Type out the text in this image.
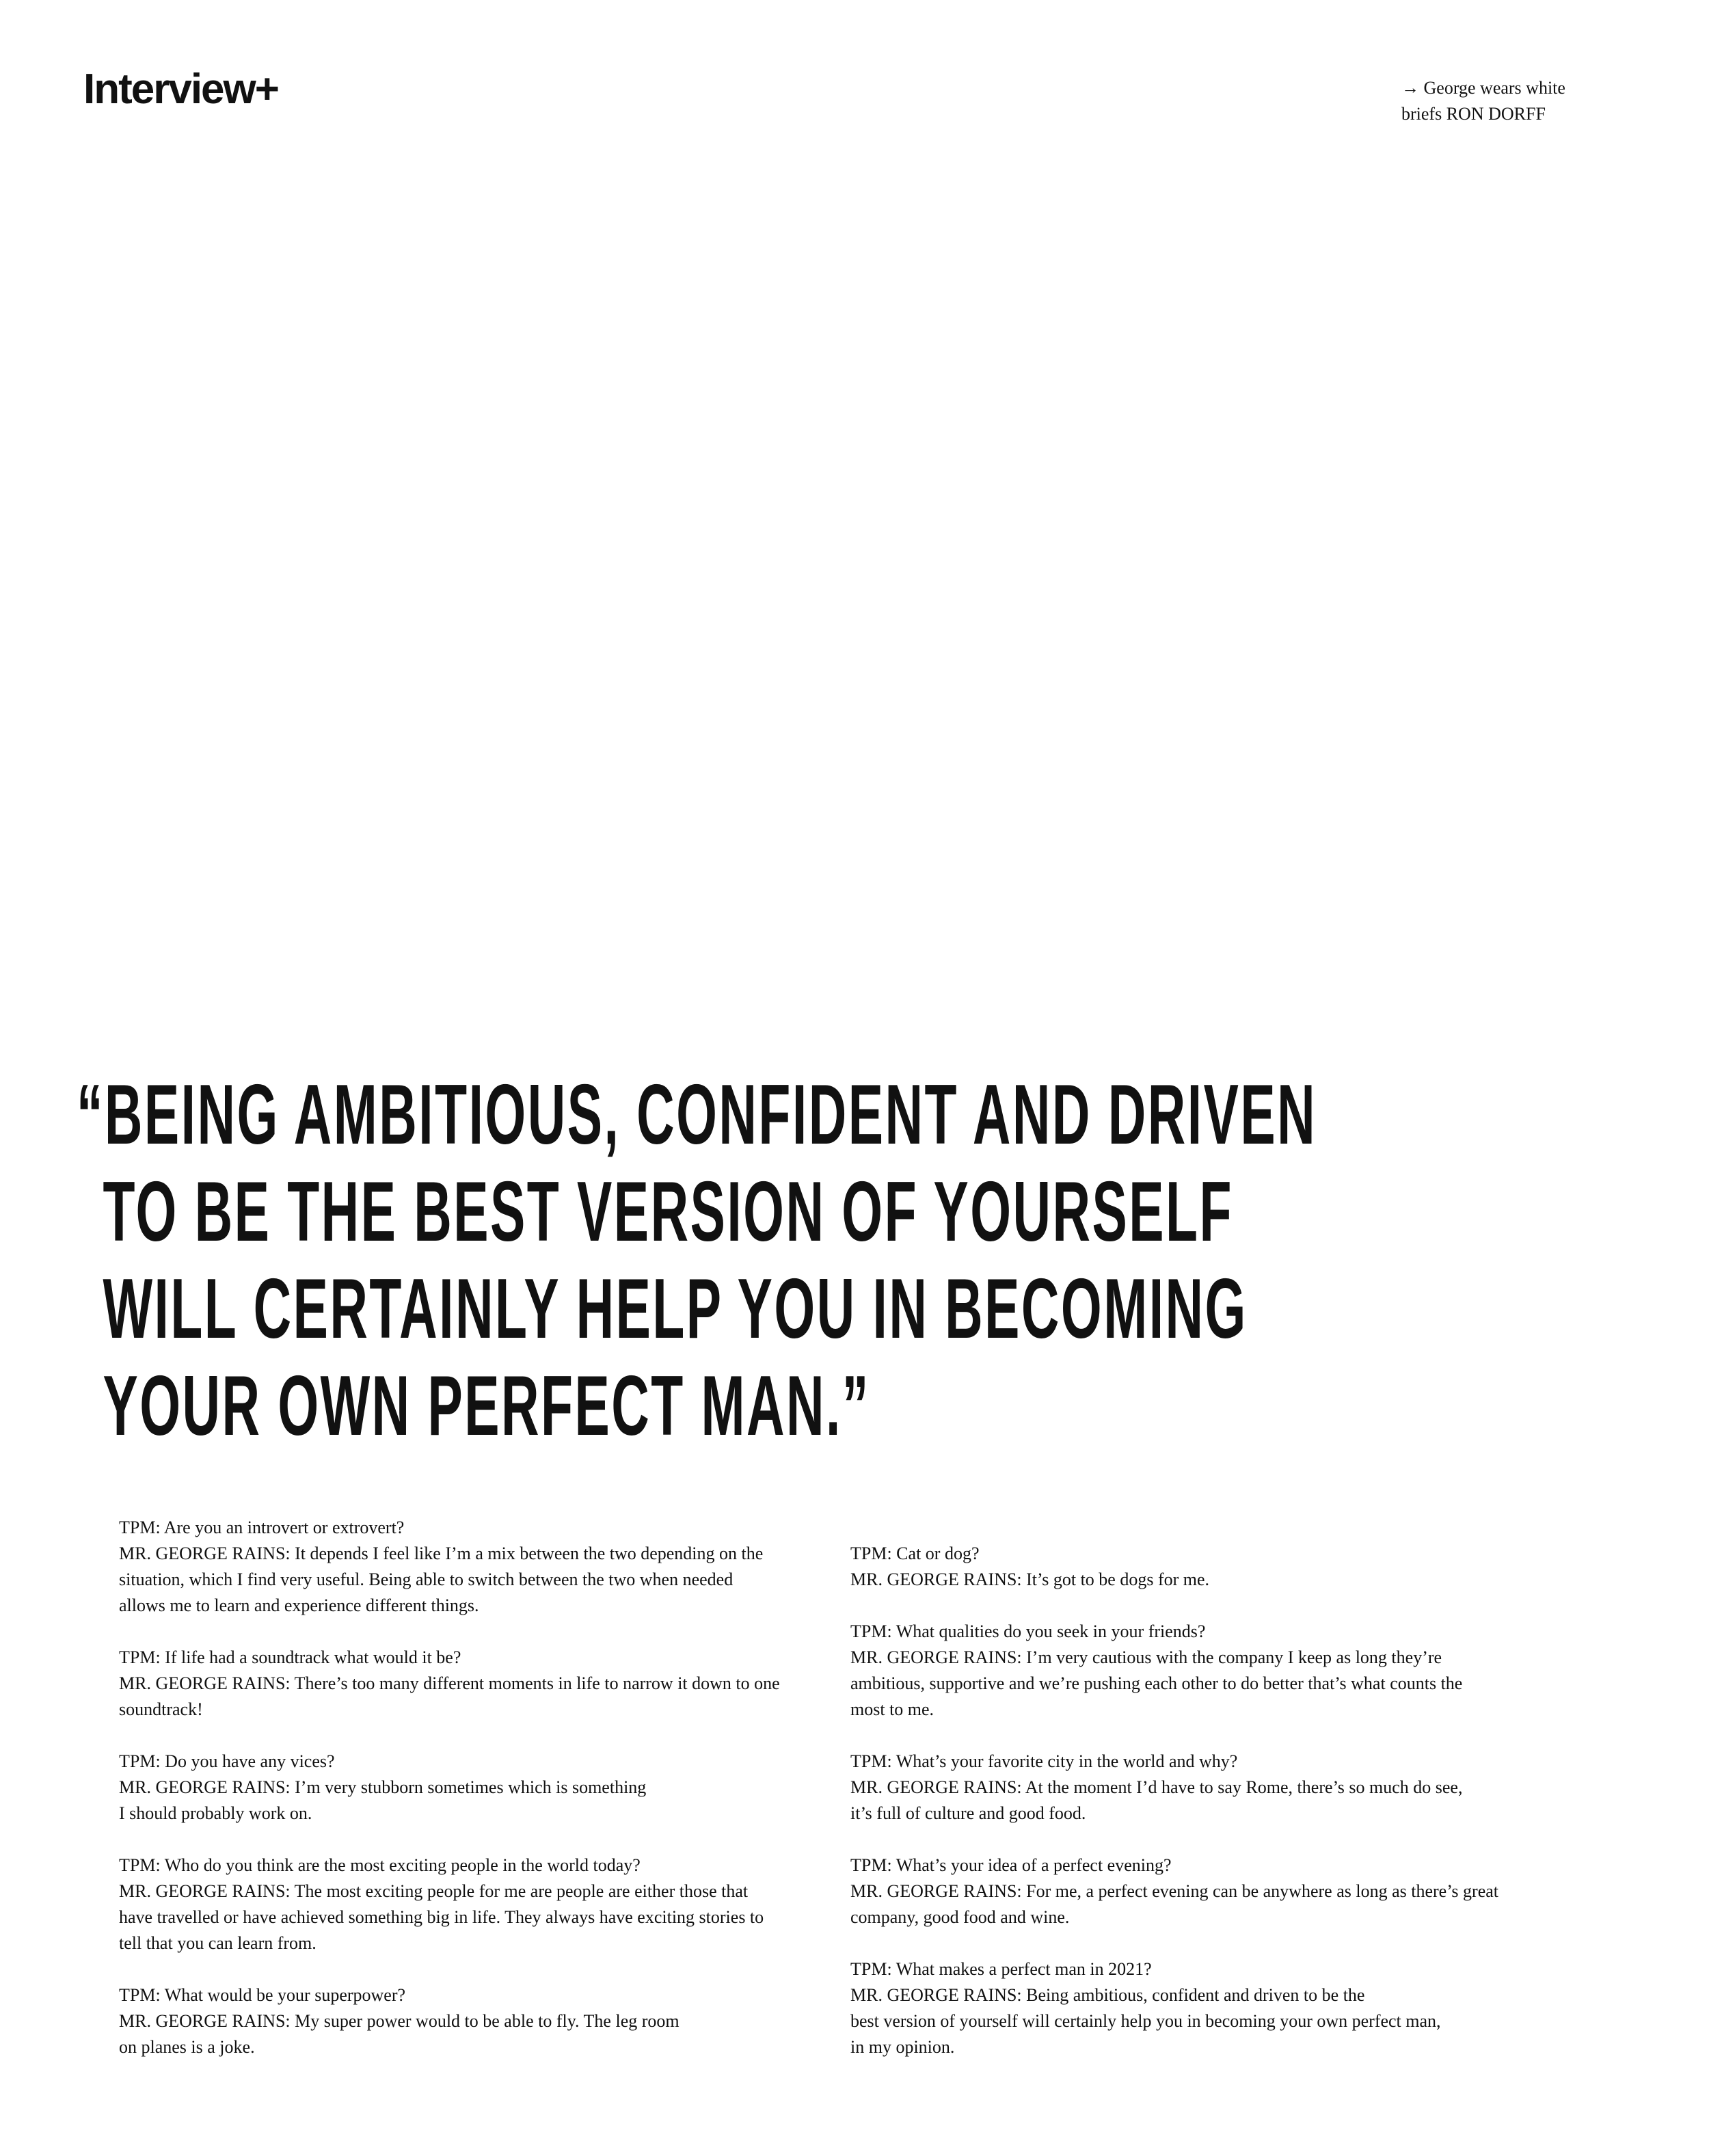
Interview+	→ George wears white
briefs RON DORFF

“BEING AMBITIOUS, CONFIDENT AND DRIVEN
TO BE THE BEST VERSION OF YOURSELF
WILL CERTAINLY HELP YOU IN BECOMING
YOUR OWN PERFECT MAN.”
TPM: Are you an introvert or extrovert?
MR. GEORGE RAINS: It depends I feel like I’m a mix between the two depending on the
situation, which I find very useful. Being able to switch between the two when needed
allows me to learn and experience different things.
TPM: If life had a soundtrack what would it be?
MR. GEORGE RAINS: There’s too many different moments in life to narrow it down to one
soundtrack!
TPM: Do you have any vices?
MR. GEORGE RAINS: I’m very stubborn sometimes which is something
I should probably work on.
TPM: Who do you think are the most exciting people in the world today?
MR. GEORGE RAINS: The most exciting people for me are people are either those that
have travelled or have achieved something big in life. They always have exciting stories to
tell that you can learn from.
TPM: What would be your superpower?
MR. GEORGE RAINS: My super power would to be able to fly. The leg room
on planes is a joke.
TPM: Cat or dog?
MR. GEORGE RAINS: It’s got to be dogs for me.
TPM: What qualities do you seek in your friends?
MR. GEORGE RAINS: I’m very cautious with the company I keep as long they’re
ambitious, supportive and we’re pushing each other to do better that’s what counts the
most to me.
TPM: What’s your favorite city in the world and why?
MR. GEORGE RAINS: At the moment I’d have to say Rome, there’s so much do see,
it’s full of culture and good food.
TPM: What’s your idea of a perfect evening?
MR. GEORGE RAINS: For me, a perfect evening can be anywhere as long as there’s great
company, good food and wine.
TPM: What makes a perfect man in 2021?
MR. GEORGE RAINS: Being ambitious, confident and driven to be the
best version of yourself will certainly help you in becoming your own perfect man,
in my opinion.
